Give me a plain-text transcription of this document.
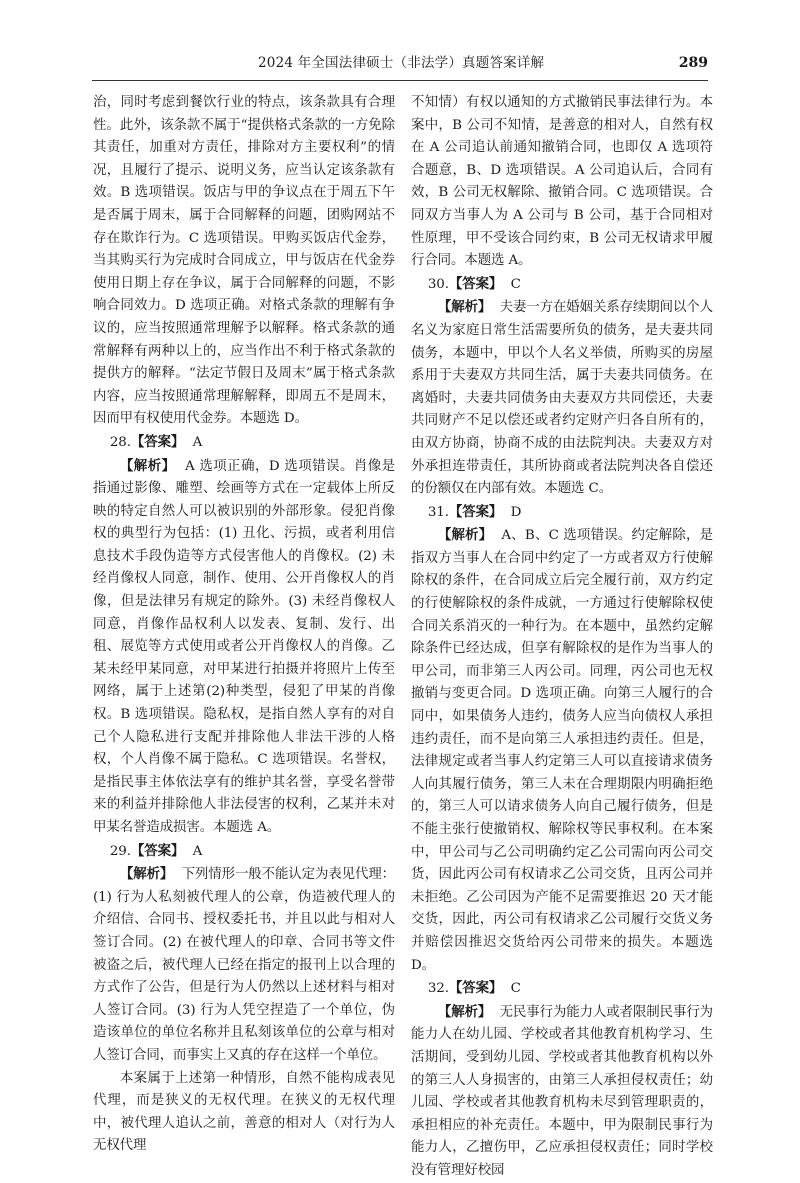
2024 年全国法律硕士（非法学）真题答案详解	289

治，同时考虑到餐饮行业的特点，该条款具有合理性。此外，该条款不属于“提供格式条款的一方免除其责任，加重对方责任，排除对方主要权利”的情况，且履行了提示、说明义务，应当认定该条款有效。B 选项错误。饭店与甲的争议点在于周五下午是否属于周末，属于合同解释的问题，团购网站不存在欺诈行为。C 选项错误。甲购买饭店代金券，当其购买行为完成时合同成立，甲与饭店在代金券使用日期上存在争议，属于合同解释的问题，不影响合同效力。D 选项正确。对格式条款的理解有争议的，应当按照通常理解予以解释。格式条款的通常解释有两种以上的，应当作出不利于格式条款的提供方的解释。“法定节假日及周末”属于格式条款内容，应当按照通常理解解释，即周五不是周末，因而甲有权使用代金券。本题选 D。

28.【答案】 A

【解析】 A 选项正确，D 选项错误。肖像是指通过影像、雕塑、绘画等方式在一定载体上所反映的特定自然人可以被识别的外部形象。侵犯肖像权的典型行为包括：(1) 丑化、污损，或者利用信息技术手段伪造等方式侵害他人的肖像权。(2) 未经肖像权人同意，制作、使用、公开肖像权人的肖像，但是法律另有规定的除外。(3) 未经肖像权人同意，肖像作品权利人以发表、复制、发行、出租、展览等方式使用或者公开肖像权人的肖像。乙某未经甲某同意，对甲某进行拍摄并将照片上传至网络，属于上述第(2)种类型，侵犯了甲某的肖像权。B 选项错误。隐私权，是指自然人享有的对自己个人隐私进行支配并排除他人非法干涉的人格权，个人肖像不属于隐私。C 选项错误。名誉权，是指民事主体依法享有的维护其名誉，享受名誉带来的利益并排除他人非法侵害的权利，乙某并未对甲某名誉造成损害。本题选 A。

29.【答案】 A

【解析】 下列情形一般不能认定为表见代理：(1) 行为人私刻被代理人的公章，伪造被代理人的介绍信、合同书、授权委托书，并且以此与相对人签订合同。(2) 在被代理人的印章、合同书等文件被盗之后，被代理人已经在指定的报刊上以合理的方式作了公告，但是行为人仍然以上述材料与相对人签订合同。(3) 行为人凭空捏造了一个单位，伪造该单位的单位名称并且私刻该单位的公章与相对人签订合同，而事实上又真的存在这样一个单位。

本案属于上述第一种情形，自然不能构成表见代理，而是狭义的无权代理。在狭义的无权代理中，被代理人追认之前，善意的相对人（对行为人无权代理

不知情）有权以通知的方式撤销民事法律行为。本案中，B 公司不知情，是善意的相对人，自然有权在 A 公司追认前通知撤销合同，也即仅 A 选项符合题意，B、D 选项错误。A 公司追认后，合同有效，B 公司无权解除、撤销合同。C 选项错误。合同双方当事人为 A 公司与 B 公司，基于合同相对性原理，甲不受该合同约束，B 公司无权请求甲履行合同。本题选 A。

30.【答案】 C

【解析】 夫妻一方在婚姻关系存续期间以个人名义为家庭日常生活需要所负的债务，是夫妻共同债务，本题中，甲以个人名义举债，所购买的房屋系用于夫妻双方共同生活，属于夫妻共同债务。在离婚时，夫妻共同债务由夫妻双方共同偿还，夫妻共同财产不足以偿还或者约定财产归各自所有的，由双方协商，协商不成的由法院判决。夫妻双方对外承担连带责任，其所协商或者法院判决各自偿还的份额仅在内部有效。本题选 C。

31.【答案】 D

【解析】 A、B、C 选项错误。约定解除，是指双方当事人在合同中约定了一方或者双方行使解除权的条件，在合同成立后完全履行前，双方约定的行使解除权的条件成就，一方通过行使解除权使合同关系消灭的一种行为。在本题中，虽然约定解除条件已经达成，但享有解除权的是作为当事人的甲公司，而非第三人丙公司。同理，丙公司也无权撤销与变更合同。D 选项正确。向第三人履行的合同中，如果债务人违约，债务人应当向债权人承担违约责任，而不是向第三人承担违约责任。但是，法律规定或者当事人约定第三人可以直接请求债务人向其履行债务，第三人未在合理期限内明确拒绝的，第三人可以请求债务人向自己履行债务，但是不能主张行使撤销权、解除权等民事权利。在本案中，甲公司与乙公司明确约定乙公司需向丙公司交货，因此丙公司有权请求乙公司交货，且丙公司并未拒绝。乙公司因为产能不足需要推迟 20 天才能交货，因此，丙公司有权请求乙公司履行交货义务并赔偿因推迟交货给丙公司带来的损失。本题选 D。

32.【答案】 C

【解析】 无民事行为能力人或者限制民事行为能力人在幼儿园、学校或者其他教育机构学习、生活期间，受到幼儿园、学校或者其他教育机构以外的第三人人身损害的，由第三人承担侵权责任；幼儿园、学校或者其他教育机构未尽到管理职责的，承担相应的补充责任。本题中，甲为限制民事行为能力人，乙擅伤甲，乙应承担侵权责任；同时学校没有管理好校园
